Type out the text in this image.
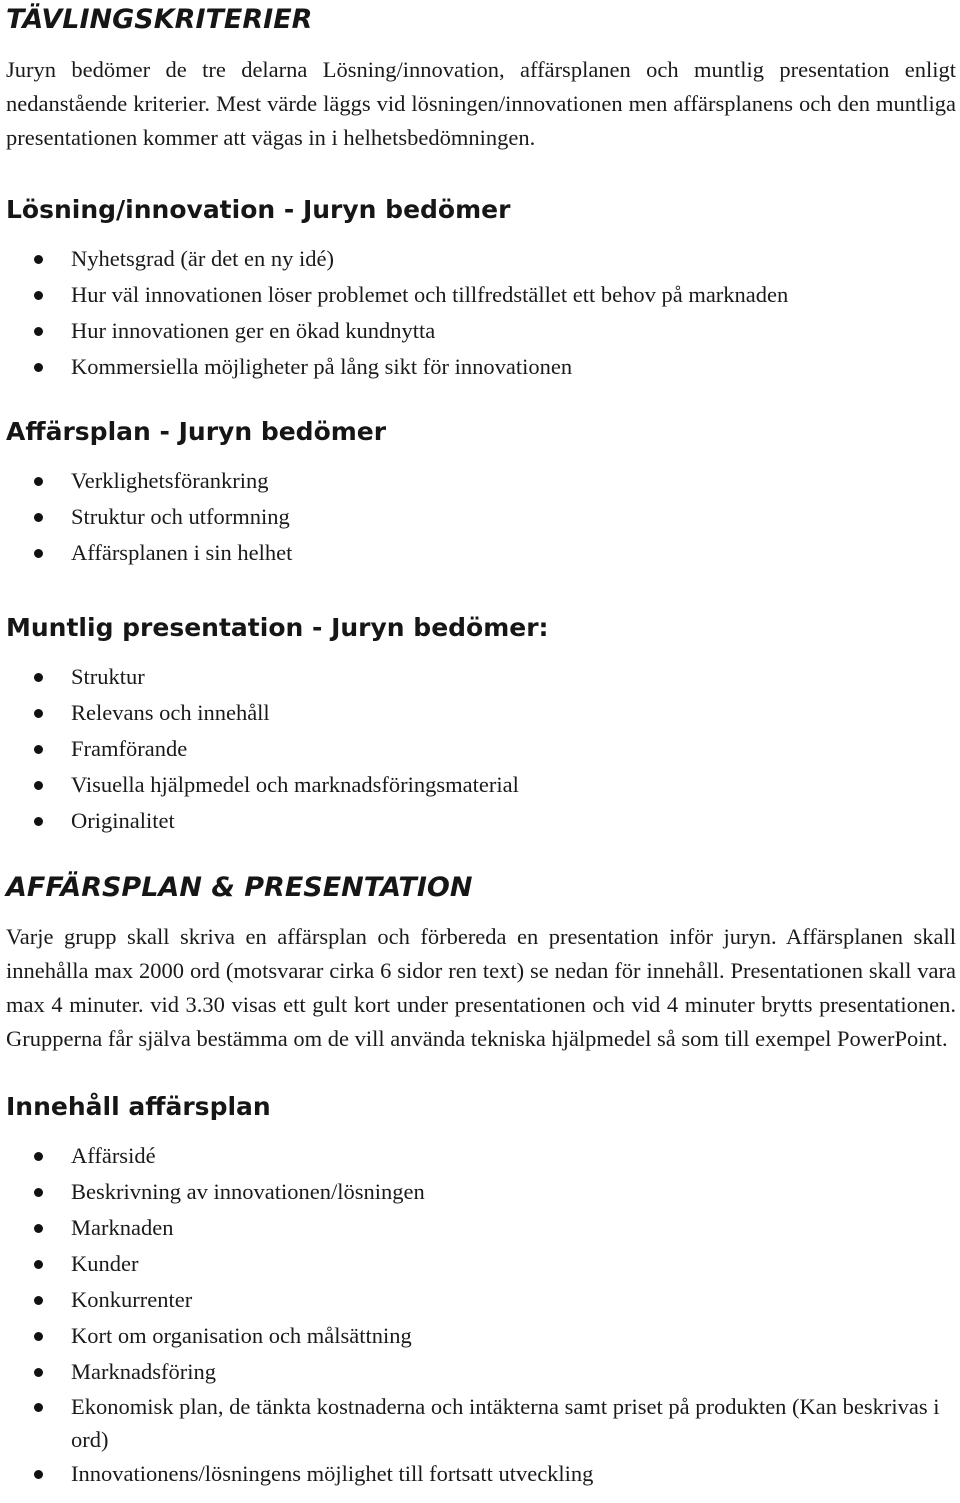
TÄVLINGSKRITERIER

Juryn bedömer de tre delarna Lösning/innovation, affärsplanen och muntlig presentation enligt nedanstående kriterier. Mest värde läggs vid lösningen/innovationen men affärsplanens och den muntliga presentationen kommer att vägas in i helhetsbedömningen.

Lösning/innovation - Juryn bedömer
Nyhetsgrad (är det en ny idé)
Hur väl innovationen löser problemet och tillfredstället ett behov på marknaden
Hur innovationen ger en ökad kundnytta
Kommersiella möjligheter på lång sikt för innovationen
Affärsplan - Juryn bedömer
Verklighetsförankring
Struktur och utformning
Affärsplanen i sin helhet
Muntlig presentation - Juryn bedömer:
Struktur
Relevans och innehåll
Framförande
Visuella hjälpmedel och marknadsföringsmaterial
Originalitet
AFFÄRSPLAN & PRESENTATION

Varje grupp skall skriva en affärsplan och förbereda en presentation inför juryn. Affärsplanen skall innehålla max 2000 ord (motsvarar cirka 6 sidor ren text) se nedan för innehåll. Presentationen skall vara max 4 minuter. vid 3.30 visas ett gult kort under presentationen och vid 4 minuter brytts presentationen. Grupperna får själva bestämma om de vill använda tekniska hjälpmedel så som till exempel PowerPoint.

Innehåll affärsplan
Affärsidé
Beskrivning av innovationen/lösningen
Marknaden
Kunder
Konkurrenter
Kort om organisation och målsättning
Marknadsföring
Ekonomisk plan, de tänkta kostnaderna och intäkterna samt priset på produkten (Kan beskrivas i ord)
Innovationens/lösningens möjlighet till fortsatt utveckling
